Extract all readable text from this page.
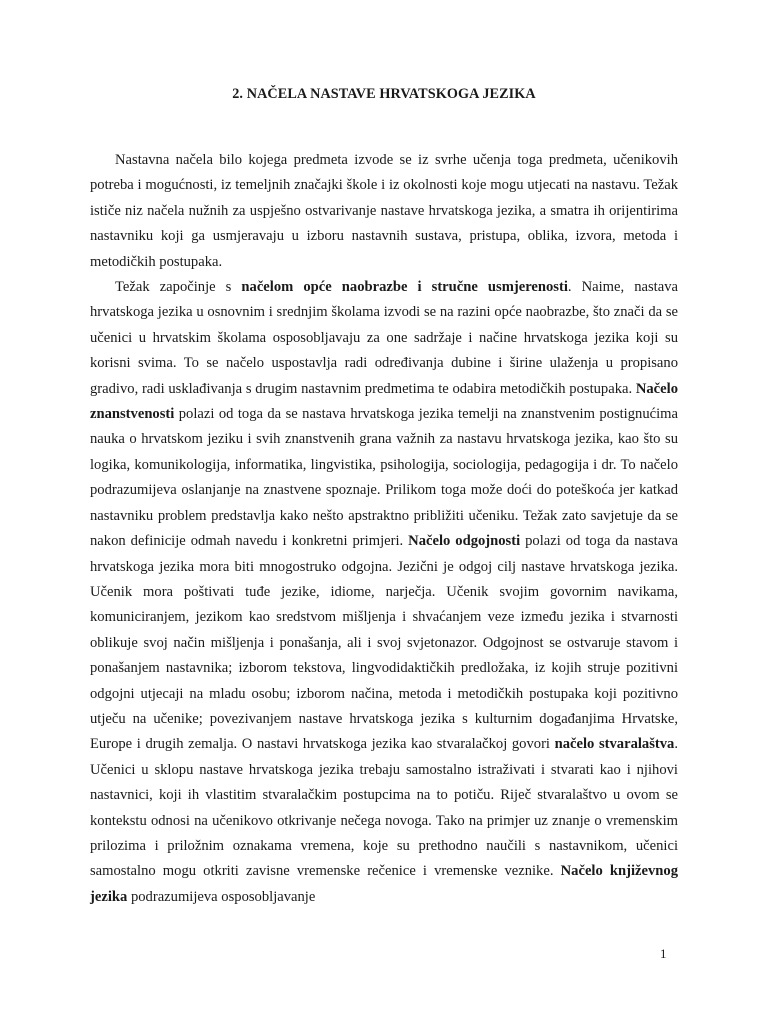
2. NAČELA NASTAVE HRVATSKOGA JEZIKA

Nastavna načela bilo kojega predmeta izvode se iz svrhe učenja toga predmeta, učenikovih potreba i mogućnosti, iz temeljnih značajki škole i iz okolnosti koje mogu utjecati na nastavu. Težak ističe niz načela nužnih za uspješno ostvarivanje nastave hrvatskoga jezika, a smatra ih orijentirima nastavniku koji ga usmjeravaju u izboru nastavnih sustava, pristupa, oblika, izvora, metoda i metodičkih postupaka.

Težak započinje s načelom opće naobrazbe i stručne usmjerenosti. Naime, nastava hrvatskoga jezika u osnovnim i srednjim školama izvodi se na razini opće naobrazbe, što znači da se učenici u hrvatskim školama osposobljavaju za one sadržaje i načine hrvatskoga jezika koji su korisni svima. To se načelo uspostavlja radi određivanja dubine i širine ulaženja u propisano gradivo, radi usklađivanja s drugim nastavnim predmetima te odabira metodičkih postupaka. Načelo znanstvenosti polazi od toga da se nastava hrvatskoga jezika temelji na znanstvenim postignućima nauka o hrvatskom jeziku i svih znanstvenih grana važnih za nastavu hrvatskoga jezika, kao što su logika, komunikologija, informatika, lingvistika, psihologija, sociologija, pedagogija i dr. To načelo podrazumijeva oslanjanje na znastvene spoznaje. Prilikom toga može doći do poteškoća jer katkad nastavniku problem predstavlja kako nešto apstraktno približiti učeniku. Težak zato savjetuje da se nakon definicije odmah navedu i konkretni primjeri. Načelo odgojnosti polazi od toga da nastava hrvatskoga jezika mora biti mnogostruko odgojna. Jezični je odgoj cilj nastave hrvatskoga jezika. Učenik mora poštivati tuđe jezike, idiome, narječja. Učenik svojim govornim navikama, komuniciranjem, jezikom kao sredstvom mišljenja i shvaćanjem veze između jezika i stvarnosti oblikuje svoj način mišljenja i ponašanja, ali i svoj svjetonazor. Odgojnost se ostvaruje stavom i ponašanjem nastavnika; izborom tekstova, lingvodidaktičkih predložaka, iz kojih struje pozitivni odgojni utjecaji na mladu osobu; izborom načina, metoda i metodičkih postupaka koji pozitivno utječu na učenike; povezivanjem nastave hrvatskoga jezika s kulturnim događanjima Hrvatske, Europe i drugih zemalja. O nastavi hrvatskoga jezika kao stvaralačkoj govori načelo stvaralaštva. Učenici u sklopu nastave hrvatskoga jezika trebaju samostalno istraživati i stvarati kao i njihovi nastavnici, koji ih vlastitim stvaralačkim postupcima na to potiču. Riječ stvaralaštvo u ovom se kontekstu odnosi na učenikovo otkrivanje nečega novoga. Tako na primjer uz znanje o vremenskim prilozima i priložnim oznakama vremena, koje su prethodno naučili s nastavnikom, učenici samostalno mogu otkriti zavisne vremenske rečenice i vremenske veznike. Načelo književnog jezika podrazumijeva osposobljavanje

1
